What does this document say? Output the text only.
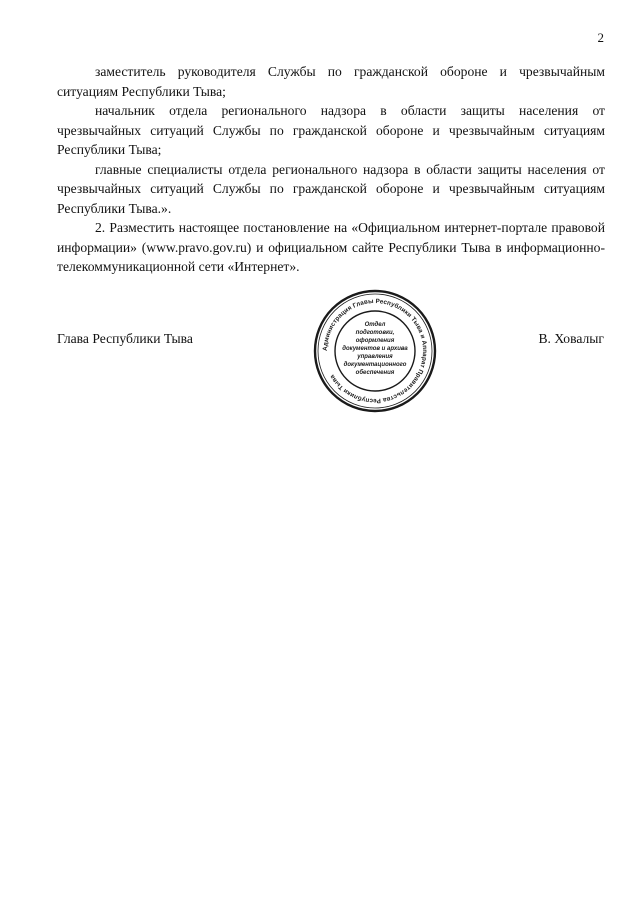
2

заместитель руководителя Службы по гражданской обороне и чрезвычайным ситуациям Республики Тыва;

начальник отдела регионального надзора в области защиты населения от чрезвычайных ситуаций Службы по гражданской обороне и чрезвычайным ситуациям Республики Тыва;

главные специалисты отдела регионального надзора в области защиты населения от чрезвычайных ситуаций Службы по гражданской обороне и чрезвычайным ситуациям Республики Тыва.».

2. Разместить настоящее постановление на «Официальном интернет-портале правовой информации» (www.pravo.gov.ru) и официальном сайте Республики Тыва в информационно-телекоммуникационной сети «Интернет».

Глава Республики Тыва
Администрация Главы Республики Тыва и Аппарат Правительства Республики Тыва
Отдел
подготовки,
оформления
документов и архива
управления
документационного
обеспечения
В. Ховалыг
